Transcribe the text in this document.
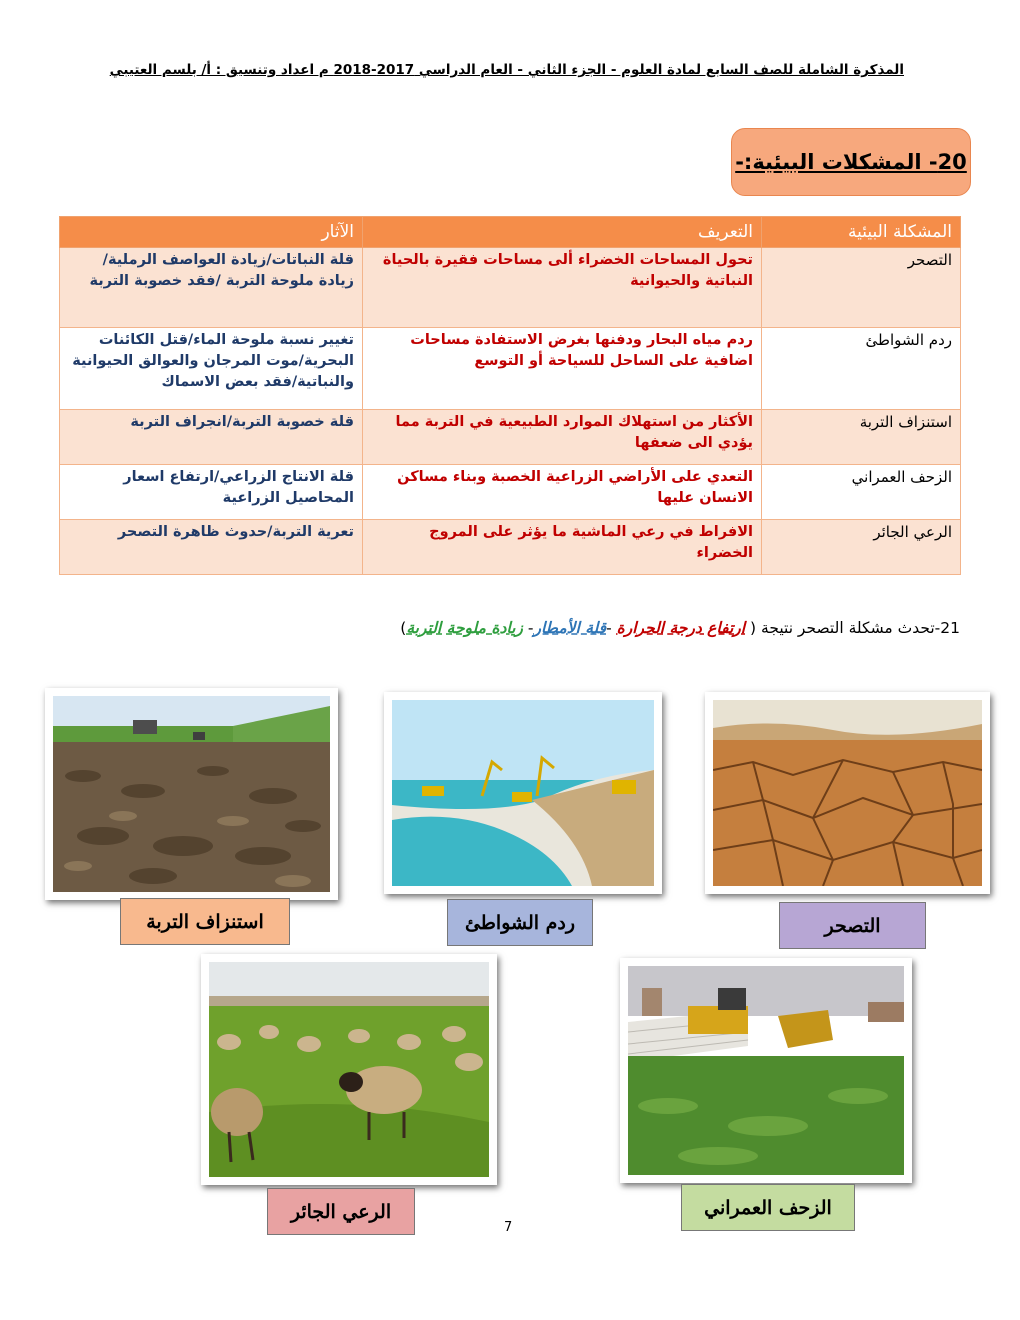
المذكرة الشاملة للصف السابع لمادة العلوم - الجزء الثاني - العام الدراسي 2017-2018 م اعداد وتنسيق : أ/ بلسم العتيبي
20- المشكلات البيئية:-
المشكلة البيئية	التعريف	الآثار
التصحر	تحول المساحات الخضراء ألى مساحات فقيرة بالحياة النباتية والحيوانية	قلة النباتات/زيادة العواصف الرملية/زيادة ملوحة التربة /فقد خصوبة التربة
ردم الشواطئ	ردم مياه البحار ودفنها بغرض الاستفادة مساحات اضافية على الساحل للسياحة أو التوسع	تغيير نسبة ملوحة الماء/قتل الكائنات البحرية/موت المرجان والعوالق الحيوانية والنباتية/فقد بعض الاسماك
استنزاف التربة	الأكثار من استهلاك الموارد الطبيعية في التربة مما يؤدي الى ضعفها	قلة خصوبة التربة/انجراف التربة
الزحف العمراني	التعدي على الأراضي الزراعية الخصبة وبناء مساكن الانسان عليها	قلة الانتاج الزراعي/ارتفاع اسعار المحاصيل الزراعية
الرعي الجائر	الافراط في رعي الماشية ما يؤثر على المروج الخضراء	تعرية التربة/حدوث ظاهرة التصحر
21-تحدث مشكلة التصحر نتيجة ( ارتفاع درجة الحرارة -قلة الأمطار- زيادة ملوحة التربة)
استنزاف التربة	ردم الشواطئ	التصحر
الرعي الجائر	الزحف العمراني
7
